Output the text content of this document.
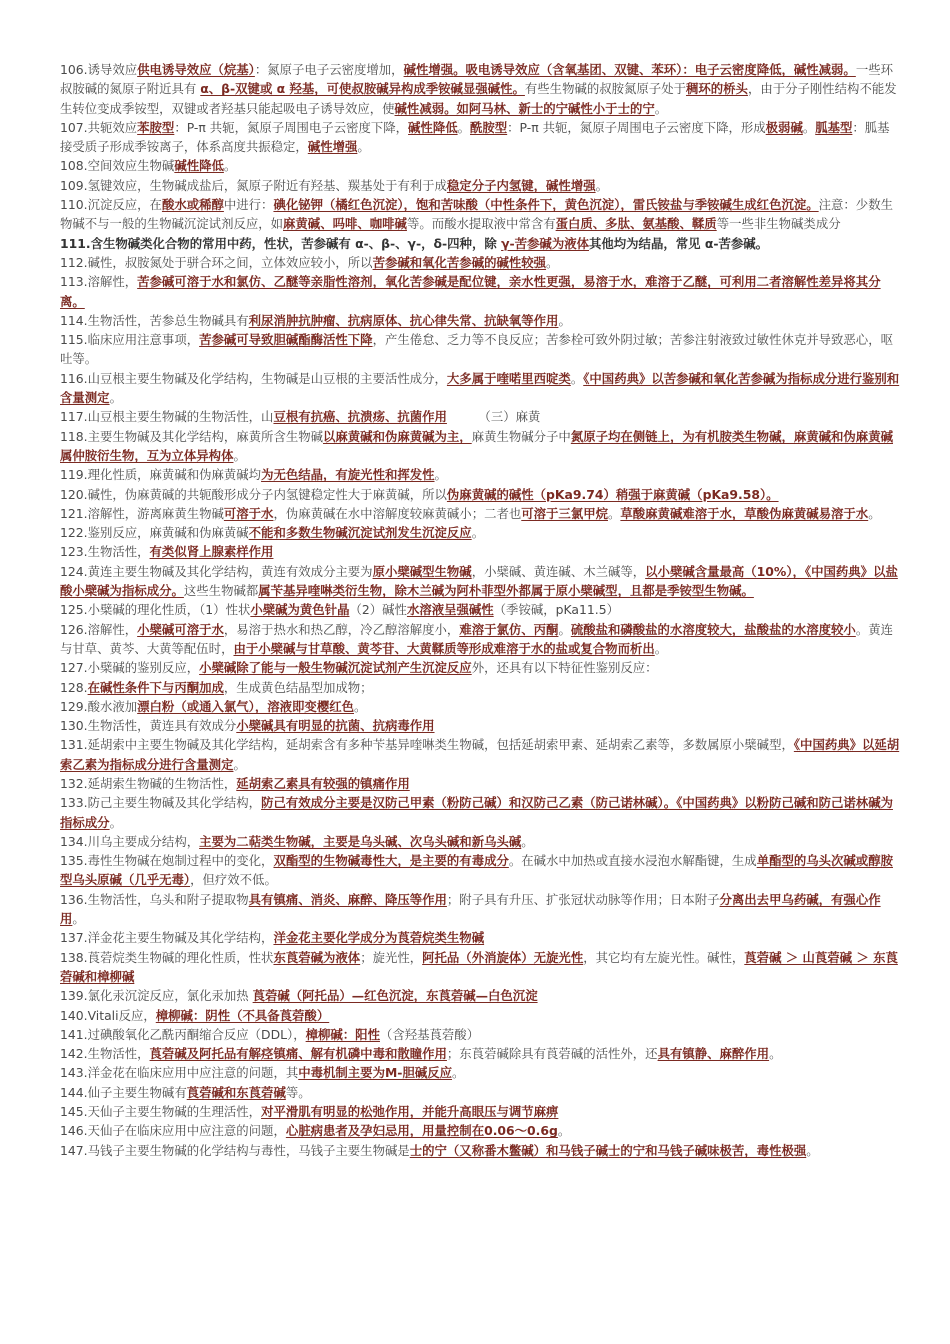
106.诱导效应供电诱导效应（烷基）：氮原子电子云密度增加，碱性增强。吸电诱导效应（含氧基团、双键、苯环）：电子云密度降低，碱性减弱。一些环叔胺碱的氮原子附近具有 α、β-双键或 α 羟基，可使叔胺碱异构成季铵碱显强碱性。有些生物碱的叔胺氮原子处于稠环的桥头，由于分子刚性结构不能发生转位变成季铵型，双键或者羟基只能起吸电子诱导效应，使碱性减弱。如阿马林、新士的宁碱性小于士的宁。
107.共轭效应苯胺型：P-π 共轭，氮原子周围电子云密度下降，碱性降低。酰胺型：P-π 共轭，氮原子周围电子云密度下降，形成极弱碱。胍基型：胍基接受质子形成季铵离子，体系高度共振稳定，碱性增强。
108.空间效应生物碱碱性降低。
109.氢键效应，生物碱成盐后，氮原子附近有羟基、羰基处于有利于成稳定分子内氢键，碱性增强。
110.沉淀反应，在酸水或稀醇中进行：碘化铋钾（橘红色沉淀），饱和苦味酸（中性条件下，黄色沉淀），雷氏铵盐与季铵碱生成红色沉淀。注意：少数生物碱不与一般的生物碱沉淀试剂反应，如麻黄碱、吗啡、咖啡碱等。而酸水提取液中常含有蛋白质、多肽、氨基酸、鞣质等一些非生物碱类成分
111.含生物碱类化合物的常用中药，性状，苦参碱有 α-、β-、γ-，δ-四种，除 γ-苦参碱为液体其他均为结晶，常见 α-苦参碱。
112.碱性，叔胺氮处于骈合环之间，立体效应较小，所以苦参碱和氧化苦参碱的碱性较强。
113.溶解性，苦参碱可溶于水和氯仿、乙醚等亲脂性溶剂，氧化苦参碱是配位键，亲水性更强，易溶于水，难溶于乙醚，可利用二者溶解性差异将其分离。
114.生物活性，苦参总生物碱具有利尿消肿抗肿瘤、抗病原体、抗心律失常、抗缺氧等作用。
115.临床应用注意事项，苦参碱可导致胆碱酯酶活性下降，产生倦怠、乏力等不良反应；苦参栓可致外阴过敏；苦参注射液致过敏性休克并导致恶心，呕吐等。
116.山豆根主要生物碱及化学结构，生物碱是山豆根的主要活性成分，大多属于喹喏里西啶类。《中国药典》以苦参碱和氧化苦参碱为指标成分进行鉴别和含量测定。
117.山豆根主要生物碱的生物活性，山豆根有抗癌、抗溃疡、抗菌作用        （三）麻黄
118.主要生物碱及其化学结构，麻黄所含生物碱以麻黄碱和伪麻黄碱为主，麻黄生物碱分子中氮原子均在侧链上，为有机胺类生物碱，麻黄碱和伪麻黄碱属仲胺衍生物，互为立体异构体。
119.理化性质，麻黄碱和伪麻黄碱均为无色结晶，有旋光性和挥发性。
120.碱性，伪麻黄碱的共轭酸形成分子内氢键稳定性大于麻黄碱，所以伪麻黄碱的碱性（pKa9.74）稍强于麻黄碱（pKa9.58）。
121.溶解性，游离麻黄生物碱可溶于水，伪麻黄碱在水中溶解度较麻黄碱小；二者也可溶于三氯甲烷。草酸麻黄碱难溶于水，草酸伪麻黄碱易溶于水。
122.鉴别反应，麻黄碱和伪麻黄碱不能和多数生物碱沉淀试剂发生沉淀反应。
123.生物活性，有类似肾上腺素样作用
124.黄连主要生物碱及其化学结构，黄连有效成分主要为原小檗碱型生物碱，小檗碱、黄连碱、木兰碱等，以小檗碱含量最高（10%），《中国药典》以盐酸小檗碱为指标成分。这些生物碱都属苄基异喹啉类衍生物，除木兰碱为阿朴菲型外都属于原小檗碱型，且都是季铵型生物碱。
125.小檗碱的理化性质，（1）性状小檗碱为黄色针晶（2）碱性水溶液呈强碱性（季铵碱，pKa11.5）
126.溶解性，小檗碱可溶于水，易溶于热水和热乙醇，冷乙醇溶解度小，难溶于氯仿、丙酮。硫酸盐和磷酸盐的水溶度较大，盐酸盐的水溶度较小。黄连与甘草、黄芩、大黄等配伍时，由于小檗碱与甘草酸、黄芩苷、大黄鞣质等形成难溶于水的盐或复合物而析出。
127.小檗碱的鉴别反应，小檗碱除了能与一般生物碱沉淀试剂产生沉淀反应外，还具有以下特征性鉴别反应：
128.在碱性条件下与丙酮加成，生成黄色结晶型加成物；
129.酸水液加漂白粉（或通入氯气），溶液即变樱红色。
130.生物活性，黄连具有效成分小檗碱具有明显的抗菌、抗病毒作用
131.延胡索中主要生物碱及其化学结构，延胡索含有多种苄基异喹啉类生物碱，包括延胡索甲素、延胡索乙素等，多数属原小檗碱型，《中国药典》以延胡索乙素为指标成分进行含量测定。
132.延胡索生物碱的生物活性，延胡索乙素具有较强的镇痛作用
133.防己主要生物碱及其化学结构，防己有效成分主要是汉防己甲素（粉防己碱）和汉防己乙素（防己诺林碱）。《中国药典》以粉防己碱和防己诺林碱为指标成分。
134.川乌主要成分结构，主要为二萜类生物碱，主要是乌头碱、次乌头碱和新乌头碱。
135.毒性生物碱在炮制过程中的变化，双酯型的生物碱毒性大，是主要的有毒成分。在碱水中加热或直接水浸泡水解酯键，生成单酯型的乌头次碱或醇胺型乌头原碱（几乎无毒），但疗效不低。
136.生物活性，乌头和附子提取物具有镇痛、消炎、麻醉、降压等作用；附子具有升压、扩张冠状动脉等作用；日本附子分离出去甲乌药碱，有强心作用。
137.洋金花主要生物碱及其化学结构，洋金花主要化学成分为莨菪烷类生物碱
138.莨菪烷类生物碱的理化性质，性状东莨菪碱为液体；旋光性，阿托品（外消旋体）无旋光性，其它均有左旋光性。碱性，莨菪碱 ＞ 山莨菪碱 ＞ 东莨菪碱和樟柳碱
139.氯化汞沉淀反应，氯化汞加热 莨菪碱（阿托品）—红色沉淀，东莨菪碱—白色沉淀
140.Vitali反应，樟柳碱：阴性（不具备莨菪酸）
141.过碘酸氧化乙酰丙酮缩合反应（DDL），樟柳碱：阳性（含羟基莨菪酸）
142.生物活性，莨菪碱及阿托品有解痉镇痛、解有机磷中毒和散瞳作用；东莨菪碱除具有莨菪碱的活性外，还具有镇静、麻醉作用。
143.洋金花在临床应用中应注意的问题，其中毒机制主要为M-胆碱反应。
144.仙子主要生物碱有莨菪碱和东莨菪碱等。
145.天仙子主要生物碱的生理活性，对平滑肌有明显的松弛作用，并能升高眼压与调节麻痹
146.天仙子在临床应用中应注意的问题，心脏病患者及孕妇忌用，用量控制在0.06～0.6g。
147.马钱子主要生物碱的化学结构与毒性，马钱子主要生物碱是士的宁（又称番木鳖碱）和马钱子碱士的宁和马钱子碱味极苦，毒性极强。
